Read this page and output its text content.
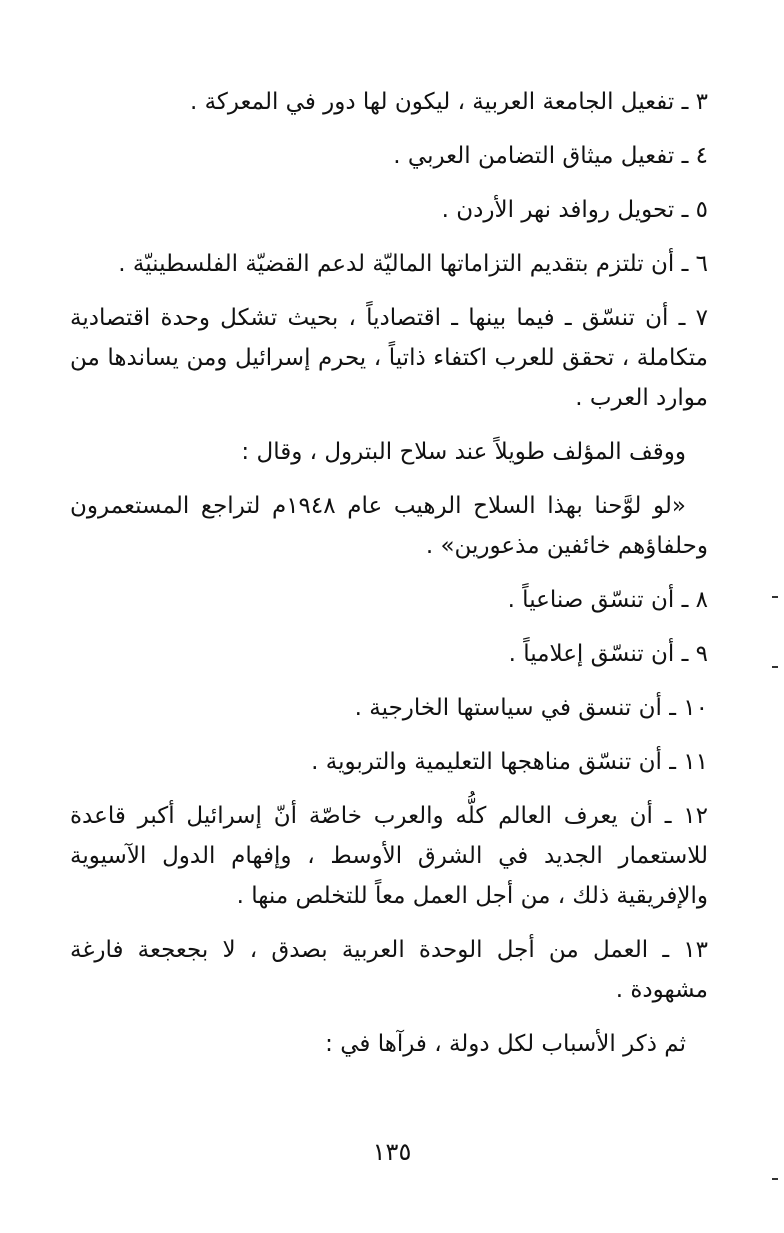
٣ ـ تفعيل الجامعة العربية ، ليكون لها دور في المعركة .

٤ ـ تفعيل ميثاق التضامن العربي .

٥ ـ تحويل روافد نهر الأردن .

٦ ـ أن تلتزم بتقديم التزاماتها الماليّة لدعم القضيّة الفلسطينيّة .

٧ ـ أن تنسّق ـ فيما بينها ـ اقتصادياً ، بحيث تشكل وحدة اقتصادية متكاملة ، تحقق للعرب اكتفاء ذاتياً ، يحرم إسرائيل ومن يساندها من موارد العرب .

ووقف المؤلف طويلاً عند سلاح البترول ، وقال :

«لو لوَّحنا بهذا السلاح الرهيب عام ١٩٤٨م لتراجع المستعمرون وحلفاؤهم خائفين مذعورين» .

٨ ـ أن تنسّق صناعياً .

٩ ـ أن تنسّق إعلامياً .

١٠ ـ أن تنسق في سياستها الخارجية .

١١ ـ أن تنسّق مناهجها التعليمية والتربوية .

١٢ ـ أن يعرف العالم كلُّه والعرب خاصّة أنّ إسرائيل أكبر قاعدة للاستعمار الجديد في الشرق الأوسط ، وإفهام الدول الآسيوية والإفريقية ذلك ، من أجل العمل معاً للتخلص منها .

١٣ ـ العمل من أجل الوحدة العربية بصدق ، لا بجعجعة فارغة مشهودة .

ثم ذكر الأسباب لكل دولة ، فرآها في :

١٣٥
